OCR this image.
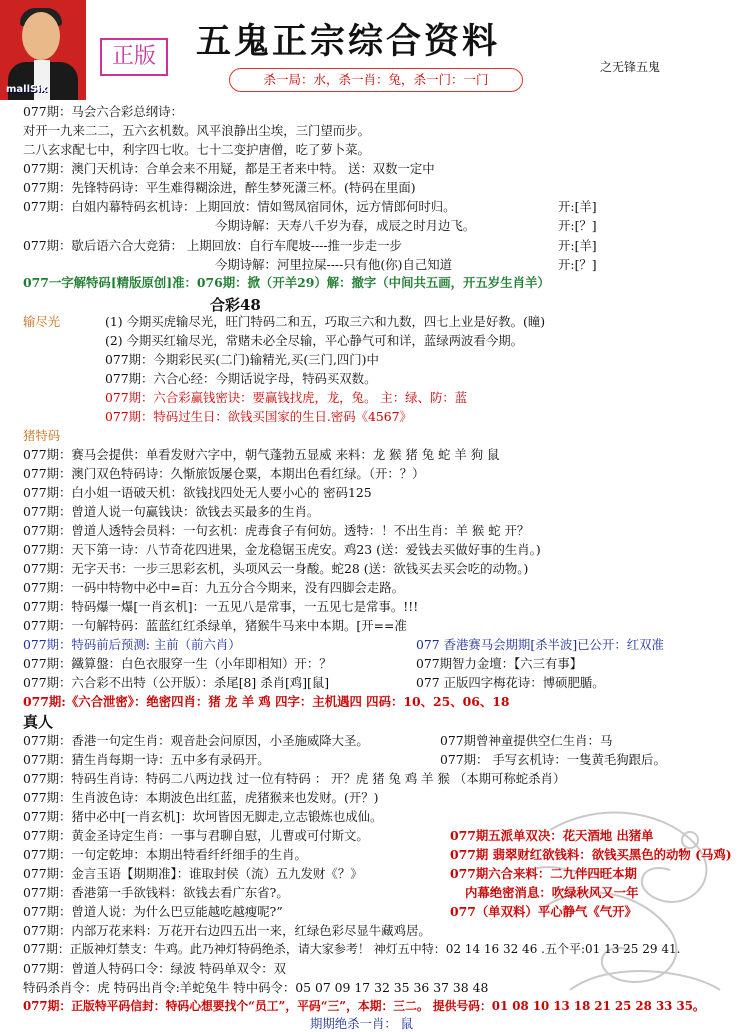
mallSix
正版	五鬼正宗综合资料
之无锋五鬼
杀一局：水，杀一肖：兔，杀一门：一门
077期：马会六合彩总纲诗：
对开一九来二二，五六玄机数。风平浪静出尘埃，三门望而步。
二八玄求配七中，利字四七收。七十二变护唐僧，吃了萝卜菜。
077期：澳门天机诗：合单会来不用疑，都是王者来中特。 送：双数一定中
077期：先锋特码诗：平生难得糊涂进，醉生梦死潇三杯。(特码在里面)
077期：白姐内幕特码玄机诗：上期回放：情如鸳凤宿同休，远方情郎何时归。	开:[羊]
今期诗解：天寿八千岁为春，成辰之时月边飞。	开:[？]
077期：歇后语六合大竞猜： 上期回放：自行车爬坡----推一步走一步	开:[羊]
今期诗解：河里拉屎----只有他(你)自己知道	开:[？]
077一字解特码[精版原创]准：076期：掀（开羊29）解：撤字（中间共五画，开五岁生肖羊）
合彩48
输尽光	(1) 今期买虎输尽光，旺门特码二和五，巧取三六和九数，四七上业是好教。(瞳)
(2) 今期买红输尽光，常赌未必全尽输，平心静气可和详，蓝绿两波看今期。
077期：今期彩民买(二门)输精光,买(三门,四门)中
077期：六合心经：今期话说字母，特码买双数。
077期：六合彩赢钱密诀：要赢钱找虎，龙，兔。 主：绿、防：蓝
077期：特码过生日：欲钱买国家的生日.密码《4567》
猪特码
077期：赛马会提供：单看发财六字中，朝气蓬勃五显威 来料：龙 猴 猪 兔 蛇 羊 狗 鼠
077期：澳门双色特码诗：久惭旅饭屡仓粟，本期出色看红绿。（开：？）
077期：白小姐一语破天机：欲钱找四处无人要小心的 密码125
077期：曾道人说一句赢钱诀：欲钱去买最多的生肖。
077期：曾道人透特会员料：一句玄机：虎毒食子有何妨。透特：！不出生肖：羊 猴 蛇 开？
077期：天下第一诗：八节奇花四进果，金龙稳锯玉虎安。鸡23 (送：爱钱去买做好事的生肖。)
077期：无字天书：一步三思彩玄机，头项风云一身酸。蛇28 (送：欲钱买去买会吃的动物。)
077期：一码中特物中必中=百：九五分合今期来，没有四脚会走路。
077期：特码爆一爆[一肖玄机]：一五见八是常事，一五见七是常事。!!!
077期：一句解特码：蓝蓝红红杀绿单，猪猴牛马来中本期。[开==准
077期：特码前后预测: 主前（前六肖）	077 香港赛马会期期[杀半波]已公开：红双准
077期：鐵算盤：白色衣服穿一生（小年即相知）开：？	077期智力金壇：【六三有事】
077期：六合彩不出特（公开版）：杀尾[8] 杀肖[鸡][鼠]	077 正版四字梅花诗：博硕肥腯。
077期:《六合泄密》：绝密四肖：猪 龙 羊 鸡 四字：主机遇四 四码：10、25、06、18
真人
077期：香港一句定生肖：观音赴会问原因，小圣施威降大圣。	077期曾神童提供空仁生肖：马
077期：猜生肖每期一诗：五中多有录码开。	077期： 手写玄机诗：一隻黄毛狗跟后。
077期：特码生肖诗：特码二八两边找 过一位有特码 ： 开？虎 猪 兔 鸡 羊 猴 （本期可称蛇杀肖）
077期：生肖波色诗：本期波色出红蓝，虎猪猴来也发财。(开？)
077期：猪中必中[一肖玄机]：坎坷皆因无脚走,立志锻炼也成仙。
077期：黄金圣诗定生肖：一事与君聊自慰，儿曹或可付斯文。	077期五派单双决：花天酒地 出猪单
077期：一句定乾坤：本期出特看纤纤细手的生肖。	077期 翡翠财红欲钱料：欲钱买黑色的动物 (马鸡)
077期：金言玉语【期期准】：谁取封侯（流）五九发财《？》	077期六合来料：二九伴四旺本期
077期：香港第一手欲钱料：欲钱去看广东省?。	内幕绝密消息：吹绿秋风又一年
077期：曾道人说：为什么巴豆能越吃越瘦呢?”	077（单双料）平心静气《气开》
077期：内部万花来料：万花开右边四五出一来，红绿色彩尽显牛藏鸡居。
077期：正版神灯禁支：牛鸡。此乃神灯特码绝杀，请大家参考！ 神灯五中特：02 14 16 32 46 .五个平:01 13 25 29 41.
077期：曾道人特码口令：绿波 特码单双令：双
特码杀肖令：虎 特码出肖令:羊蛇兔牛 特中码令：05 07 09 17 32 35 36 37 38 48
077期：正版特平码信封：特码心想要找个“员工”，平码“三”，本期：三二。 提供号码：01 08 10 13 18 21 25 28 33 35。
期期绝杀一肖： 鼠
